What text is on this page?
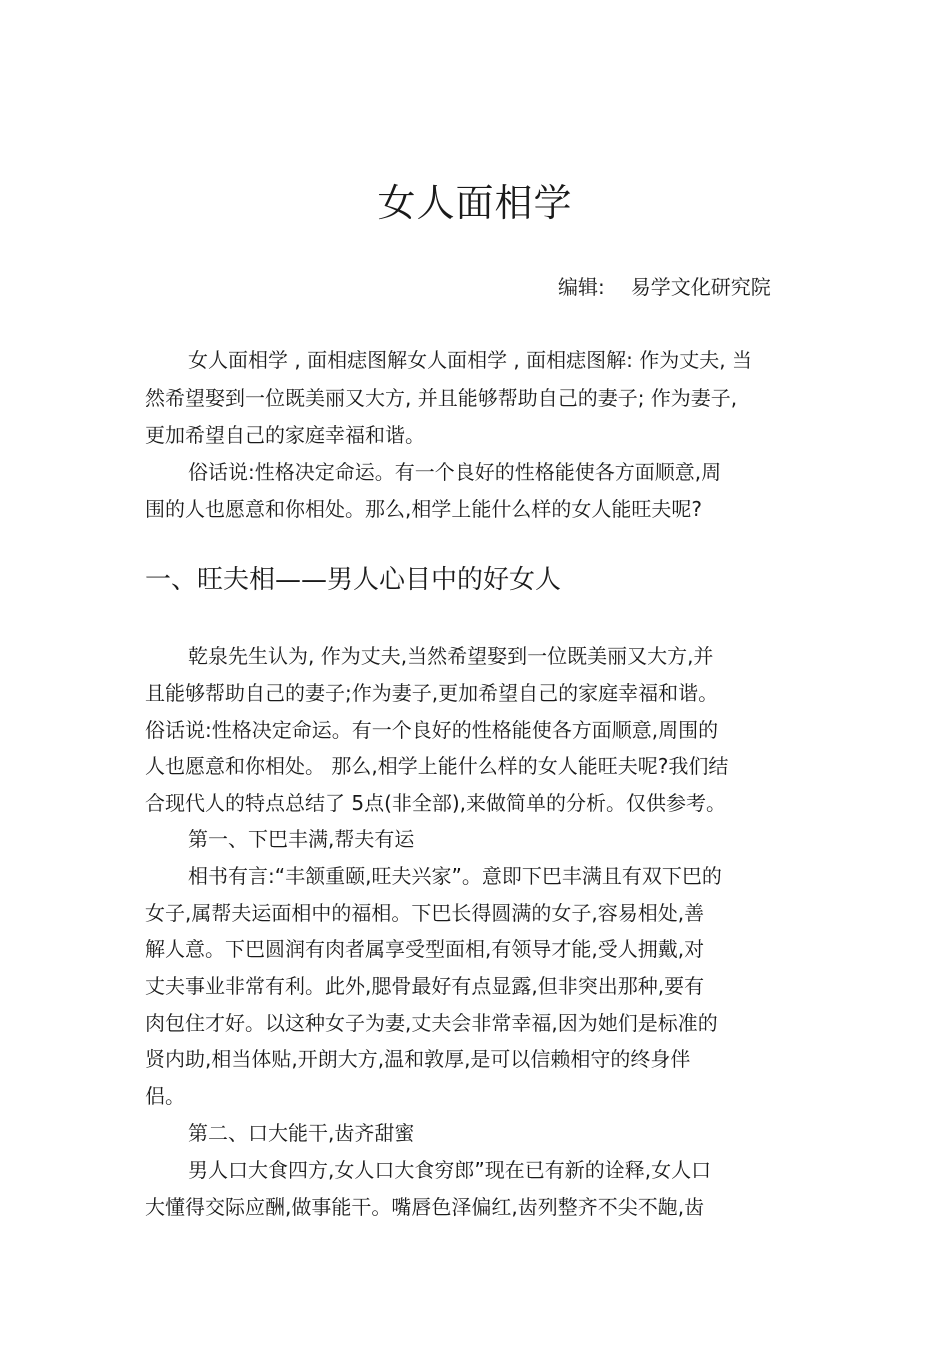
女人面相学
编辑: 易学文化研究院

女人面相学 , 面相痣图解女人面相学 , 面相痣图解: 作为丈夫, 当

然希望娶到一位既美丽又大方, 并且能够帮助自己的妻子; 作为妻子,

更加希望自己的家庭幸福和谐。

俗话说:性格决定命运。有一个良好的性格能使各方面顺意,周

围的人也愿意和你相处。那么,相学上能什么样的女人能旺夫呢?

一、旺夫相——男人心目中的好女人

乾泉先生认为, 作为丈夫,当然希望娶到一位既美丽又大方,并

且能够帮助自己的妻子;作为妻子,更加希望自己的家庭幸福和谐。

俗话说:性格决定命运。有一个良好的性格能使各方面顺意,周围的

人也愿意和你相处。 那么,相学上能什么样的女人能旺夫呢?我们结

合现代人的特点总结了 5点(非全部),来做简单的分析。仅供参考。

第一、下巴丰满,帮夫有运

相书有言:“丰颔重颐,旺夫兴家”。意即下巴丰满且有双下巴的

女子,属帮夫运面相中的福相。下巴长得圆满的女子,容易相处,善

解人意。下巴圆润有肉者属享受型面相,有领导才能,受人拥戴,对

丈夫事业非常有利。此外,腮骨最好有点显露,但非突出那种,要有

肉包住才好。以这种女子为妻,丈夫会非常幸福,因为她们是标准的

贤内助,相当体贴,开朗大方,温和敦厚,是可以信赖相守的终身伴

侣。

第二、口大能干,齿齐甜蜜

男人口大食四方,女人口大食穷郎”现在已有新的诠释,女人口

大懂得交际应酬,做事能干。嘴唇色泽偏红,齿列整齐不尖不龅,齿
